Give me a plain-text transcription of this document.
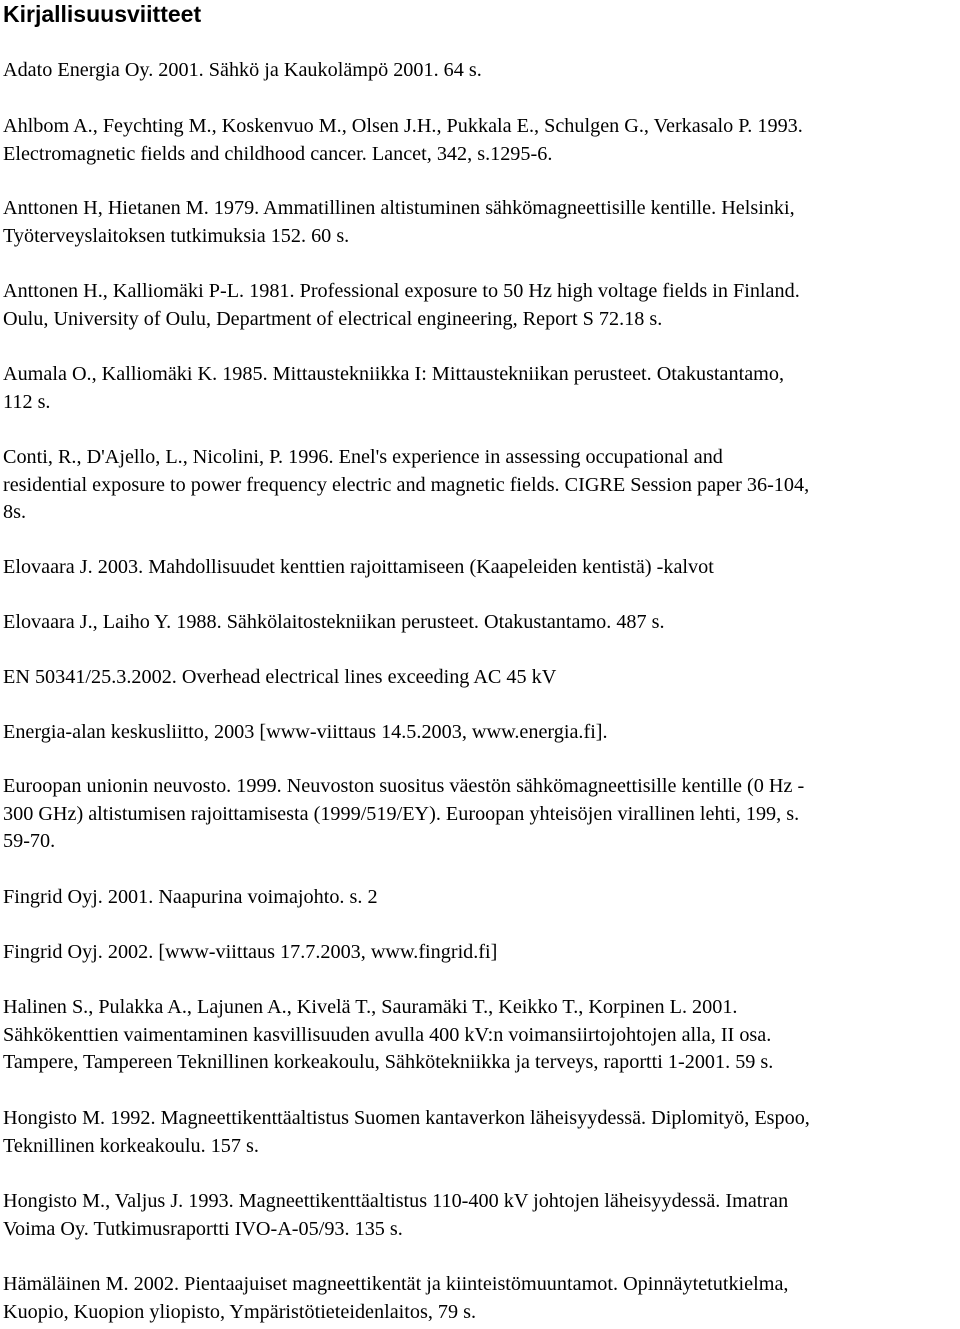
Kirjallisuusviitteet
Adato Energia Oy. 2001. Sähkö ja Kaukolämpö 2001. 64 s.
Ahlbom A., Feychting M., Koskenvuo M., Olsen J.H., Pukkala E., Schulgen G., Verkasalo P. 1993.
Electromagnetic fields and childhood cancer. Lancet, 342, s.1295-6.
Anttonen H, Hietanen M. 1979. Ammatillinen altistuminen sähkömagneettisille kentille. Helsinki,
Työterveyslaitoksen tutkimuksia 152. 60 s.
Anttonen H., Kalliomäki P-L. 1981. Professional exposure to 50 Hz high voltage fields in Finland.
Oulu, University of Oulu, Department of electrical engineering, Report S 72.18 s.
Aumala O., Kalliomäki K. 1985. Mittaustekniikka I: Mittaustekniikan perusteet. Otakustantamo,
112 s.
Conti, R., D'Ajello, L., Nicolini, P. 1996. Enel's experience in assessing occupational and
residential exposure to power frequency electric and magnetic fields. CIGRE Session paper 36-104,
8s.
Elovaara J. 2003. Mahdollisuudet kenttien rajoittamiseen (Kaapeleiden kentistä) -kalvot
Elovaara J., Laiho Y. 1988. Sähkölaitostekniikan perusteet. Otakustantamo. 487 s.
EN 50341/25.3.2002. Overhead electrical lines exceeding AC 45 kV
Energia-alan keskusliitto, 2003 [www-viittaus 14.5.2003, www.energia.fi].
Euroopan unionin neuvosto. 1999. Neuvoston suositus väestön sähkömagneettisille kentille (0 Hz -
300 GHz) altistumisen rajoittamisesta (1999/519/EY). Euroopan yhteisöjen virallinen lehti, 199, s.
59-70.
Fingrid Oyj. 2001. Naapurina voimajohto. s. 2
Fingrid Oyj. 2002. [www-viittaus 17.7.2003, www.fingrid.fi]
Halinen S., Pulakka A., Lajunen A., Kivelä T., Sauramäki T., Keikko T., Korpinen L. 2001.
Sähkökenttien vaimentaminen kasvillisuuden avulla 400 kV:n voimansiirtojohtojen alla, II osa.
Tampere, Tampereen Teknillinen korkeakoulu, Sähkötekniikka ja terveys, raportti 1-2001. 59 s.
Hongisto M. 1992. Magneettikenttäaltistus Suomen kantaverkon läheisyydessä. Diplomityö, Espoo,
Teknillinen korkeakoulu. 157 s.
Hongisto M., Valjus J. 1993. Magneettikenttäaltistus 110-400 kV johtojen läheisyydessä. Imatran
Voima Oy. Tutkimusraportti IVO-A-05/93. 135 s.
Hämäläinen M. 2002. Pientaajuiset magneettikentät ja kiinteistömuuntamot. Opinnäytetutkielma,
Kuopio, Kuopion yliopisto, Ympäristötieteidenlaitos, 79 s.
